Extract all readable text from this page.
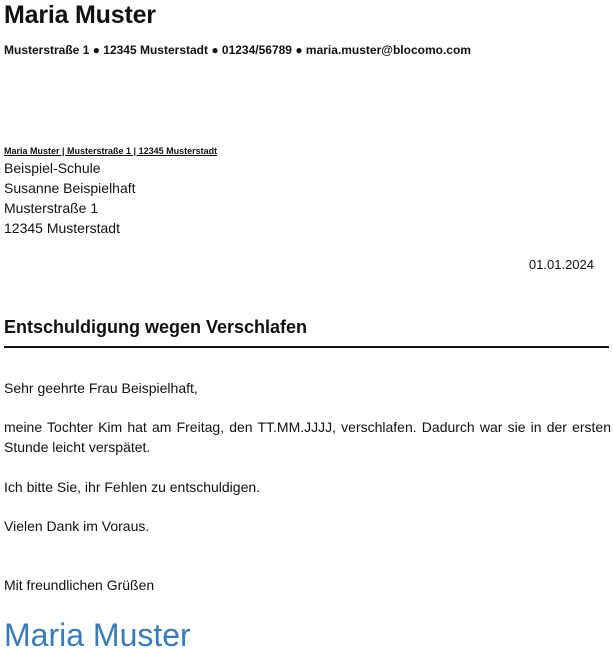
Maria Muster
Musterstraße 1 ● 12345 Musterstadt ● 01234/56789 ● maria.muster@blocomo.com
Maria Muster | Musterstraße 1 | 12345 Musterstadt
Beispiel-Schule
Susanne Beispielhaft
Musterstraße 1
12345 Musterstadt
01.01.2024
Entschuldigung wegen Verschlafen
Sehr geehrte Frau Beispielhaft,
meine Tochter Kim hat am Freitag, den TT.MM.JJJJ, verschlafen. Dadurch war sie in der ersten Stunde leicht verspätet.
Ich bitte Sie, ihr Fehlen zu entschuldigen.
Vielen Dank im Voraus.
Mit freundlichen Grüßen
Maria Muster
